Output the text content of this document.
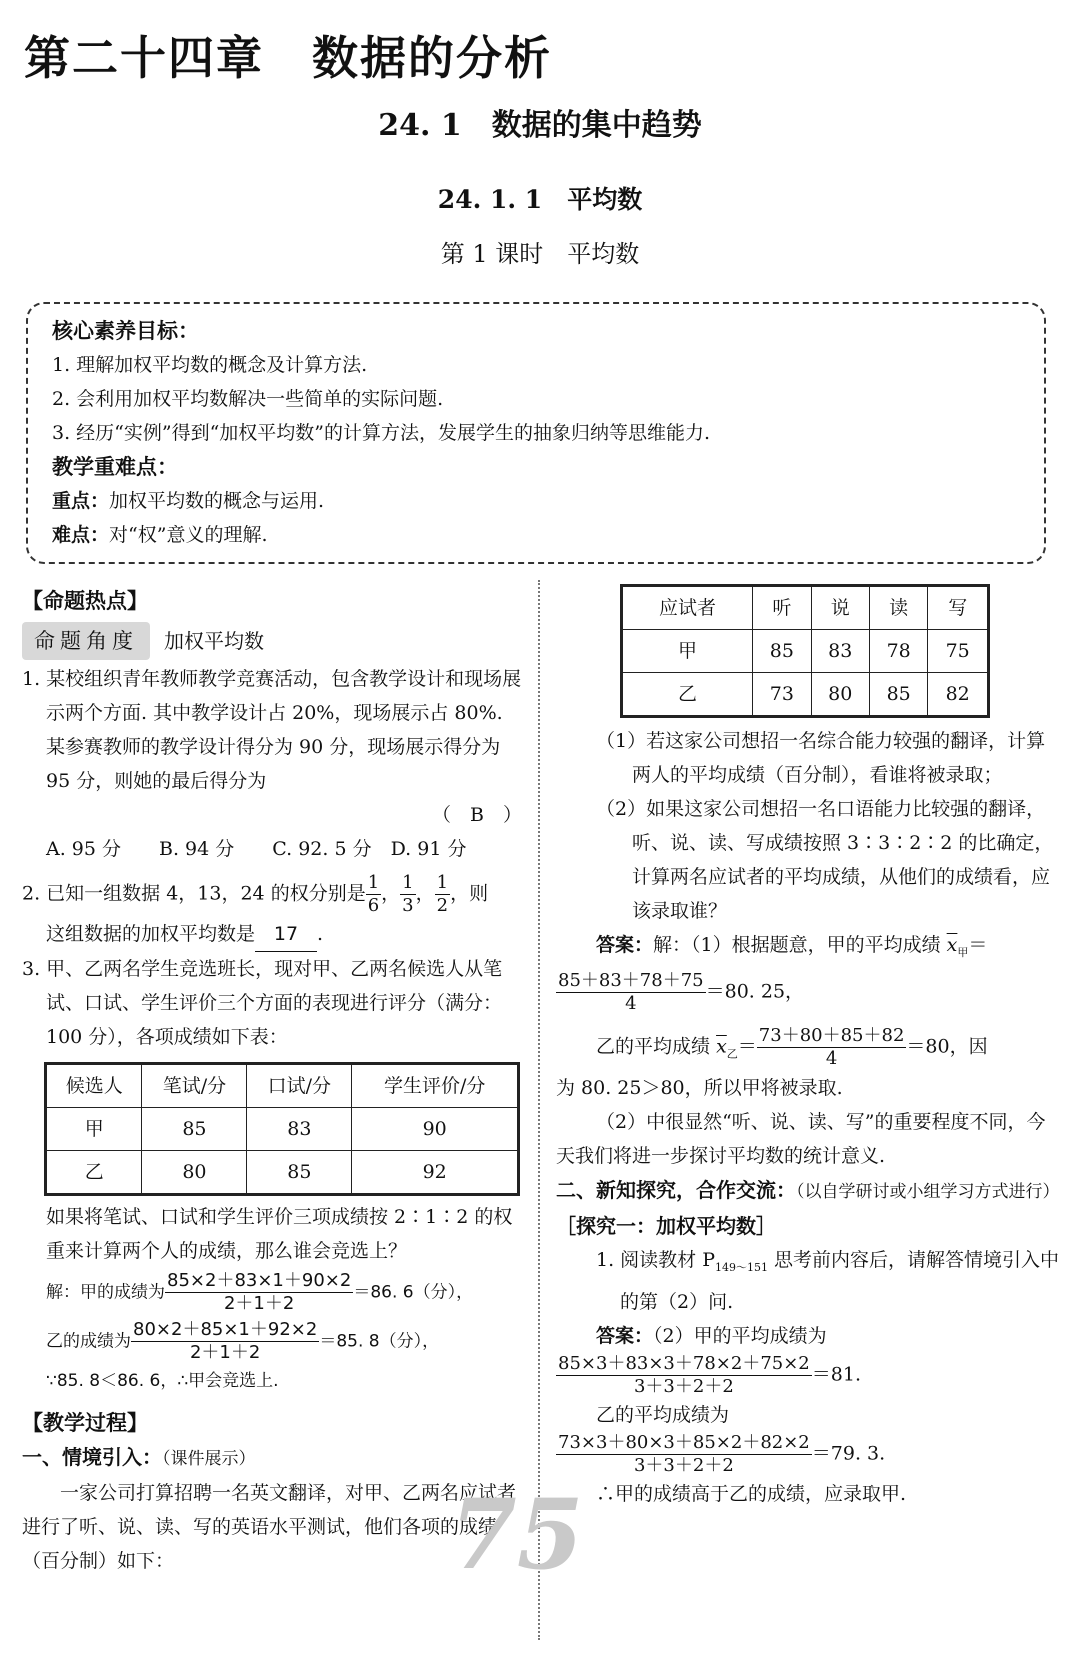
第二十四章　数据的分析
24. 1　数据的集中趋势
24. 1. 1　平均数
第 1 课时　平均数
核心素养目标：

1. 理解加权平均数的概念及计算方法.

2. 会利用加权平均数解决一些简单的实际问题.

3. 经历“实例”得到“加权平均数”的计算方法，发展学生的抽象归纳等思维能力.

教学重难点：

重点：加权平均数的概念与运用.

难点：对“权”意义的理解.

【命题热点】
命题角度 加权平均数

1. 某校组织青年教师教学竞赛活动，包含教学设计和现场展示两个方面. 其中教学设计占 20%，现场展示占 80%. 某参赛教师的教学设计得分为 90 分，现场展示得分为 95 分，则她的最后得分为

（　B　）

A. 95 分　　B. 94 分　　C. 92. 5 分　D. 91 分

2. 已知一组数据 4，13，24 的权分别是 $\frac{1}{6}$ ， $\frac{1}{3}$ ， $\frac{1}{2}$ ，则

这组数据的加权平均数是 17 .

3. 甲、乙两名学生竞选班长，现对甲、乙两名候选人从笔试、口试、学生评价三个方面的表现进行评分（满分：100 分），各项成绩如下表：

候选人	笔试/分	口试/分	学生评价/分
甲	85	83	90
乙	80	85	92

如果将笔试、口试和学生评价三项成绩按 2∶1∶2 的权重来计算两个人的成绩，那么谁会竞选上？

解：甲的成绩为 $\frac{85\times 2+83\times 1+90\times 2}{2+1+2} =86$. 6（分），

乙的成绩为 $\frac{80\times 2+85\times 1+92\times 2}{2+1+2} =85$. 8（分），

∵85. 8＜86. 6，∴甲会竞选上.

【教学过程】

一、情境引入：（课件展示）

一家公司打算招聘一名英文翻译，对甲、乙两名应试者进行了听、说、读、写的英语水平测试，他们各项的成绩（百分制）如下：

应试者	听	说	读	写
甲	85	83	78	75
乙	73	80	85	82

（1）若这家公司想招一名综合能力较强的翻译，计算两人的平均成绩（百分制），看谁将被录取；

（2）如果这家公司想招一名口语能力比较强的翻译，听、说、读、写成绩按照 3∶3∶2∶2 的比确定，计算两名应试者的平均成绩，从他们的成绩看，应该录取谁？

答案：解：（1）根据题意，甲的平均成绩 $\overline{x}_甲=$

$\frac{85+83+78+75}{4} =80$. 25，

乙的平均成绩 $\overline{x}_乙= \frac{73+80+85+82}{4} =80$，因

为 80. 25＞80，所以甲将被录取.

（2）中很显然“听、说、读、写”的重要程度不同，今天我们将进一步探讨平均数的统计意义.

二、新知探究，合作交流：（以自学研讨或小组学习方式进行）

［探究一：加权平均数］

1. 阅读教材 $P_{149\sim 151}$ 思考前内容后，请解答情境引入中的第（2）问.

答案：（2）甲的平均成绩为

$\frac{85\times 3+83\times 3+78\times 2+75\times 2}{3+3+2+2} =81$.

乙的平均成绩为

$\frac{73\times 3+80\times 3+85\times 2+82\times 2}{3+3+2+2} =79$. 3.

∴甲的成绩高于乙的成绩，应录取甲.

75
